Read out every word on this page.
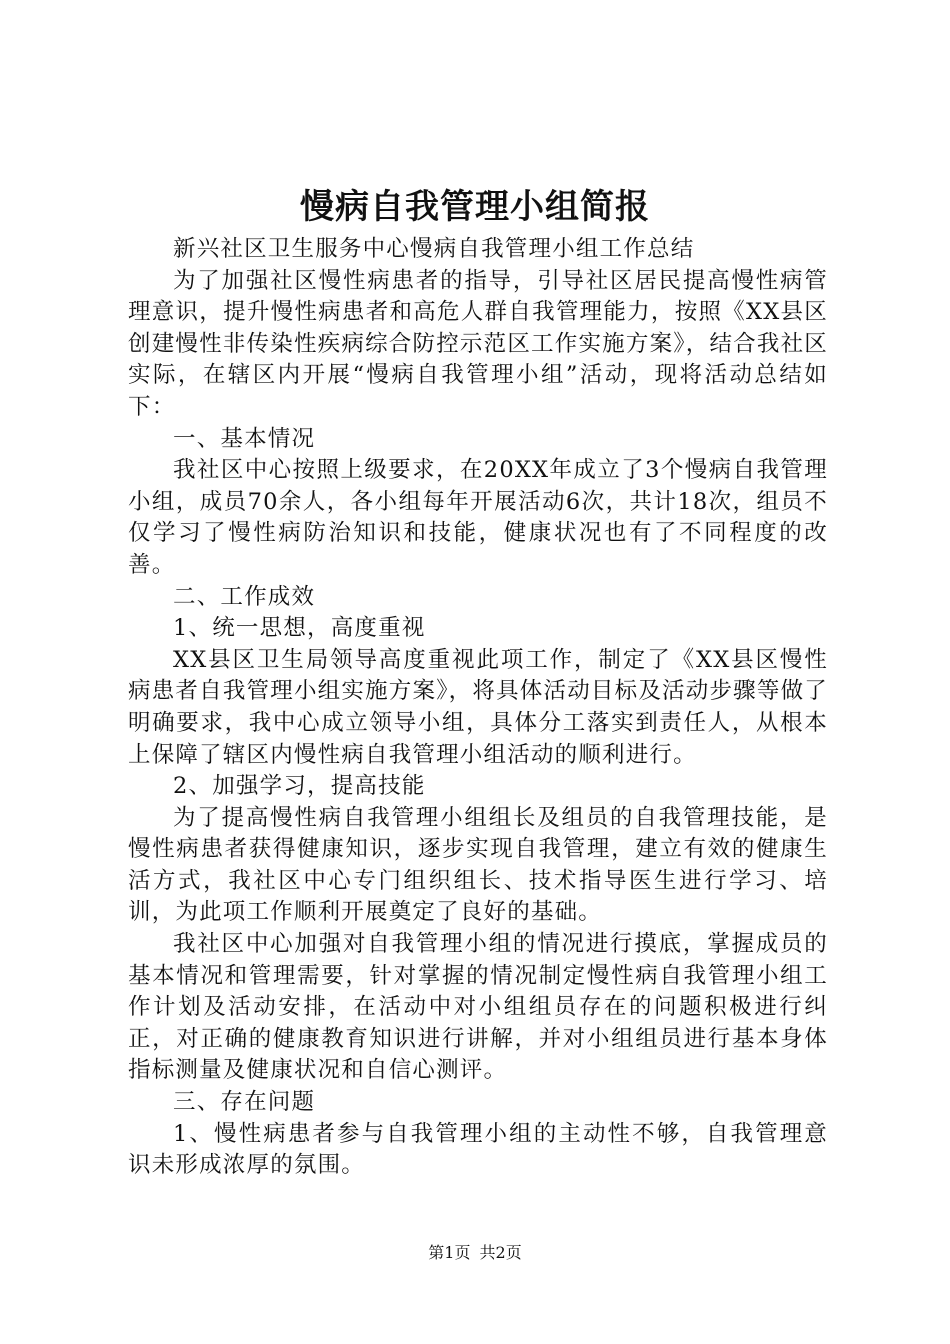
慢病自我管理小组简报

新兴社区卫生服务中心慢病自我管理小组工作总结

为了加强社区慢性病患者的指导，引导社区居民提高慢性病管理意识，提升慢性病患者和高危人群自我管理能力，按照《XX县区创建慢性非传染性疾病综合防控示范区工作实施方案》，结合我社区实际，在辖区内开展“慢病自我管理小组”活动，现将活动总结如下：

一、基本情况

我社区中心按照上级要求，在20XX年成立了3个慢病自我管理小组，成员70余人，各小组每年开展活动6次，共计18次，组员不仅学习了慢性病防治知识和技能，健康状况也有了不同程度的改善。

二、工作成效

1、统一思想，高度重视

XX县区卫生局领导高度重视此项工作，制定了《XX县区慢性病患者自我管理小组实施方案》，将具体活动目标及活动步骤等做了明确要求，我中心成立领导小组，具体分工落实到责任人，从根本上保障了辖区内慢性病自我管理小组活动的顺利进行。

2、加强学习，提高技能

为了提高慢性病自我管理小组组长及组员的自我管理技能，是慢性病患者获得健康知识，逐步实现自我管理，建立有效的健康生活方式，我社区中心专门组织组长、技术指导医生进行学习、培训，为此项工作顺利开展奠定了良好的基础。

我社区中心加强对自我管理小组的情况进行摸底，掌握成员的基本情况和管理需要，针对掌握的情况制定慢性病自我管理小组工作计划及活动安排，在活动中对小组组员存在的问题积极进行纠正，对正确的健康教育知识进行讲解，并对小组组员进行基本身体指标测量及健康状况和自信心测评。

三、存在问题

1、慢性病患者参与自我管理小组的主动性不够，自我管理意识未形成浓厚的氛围。

第1页 共2页
